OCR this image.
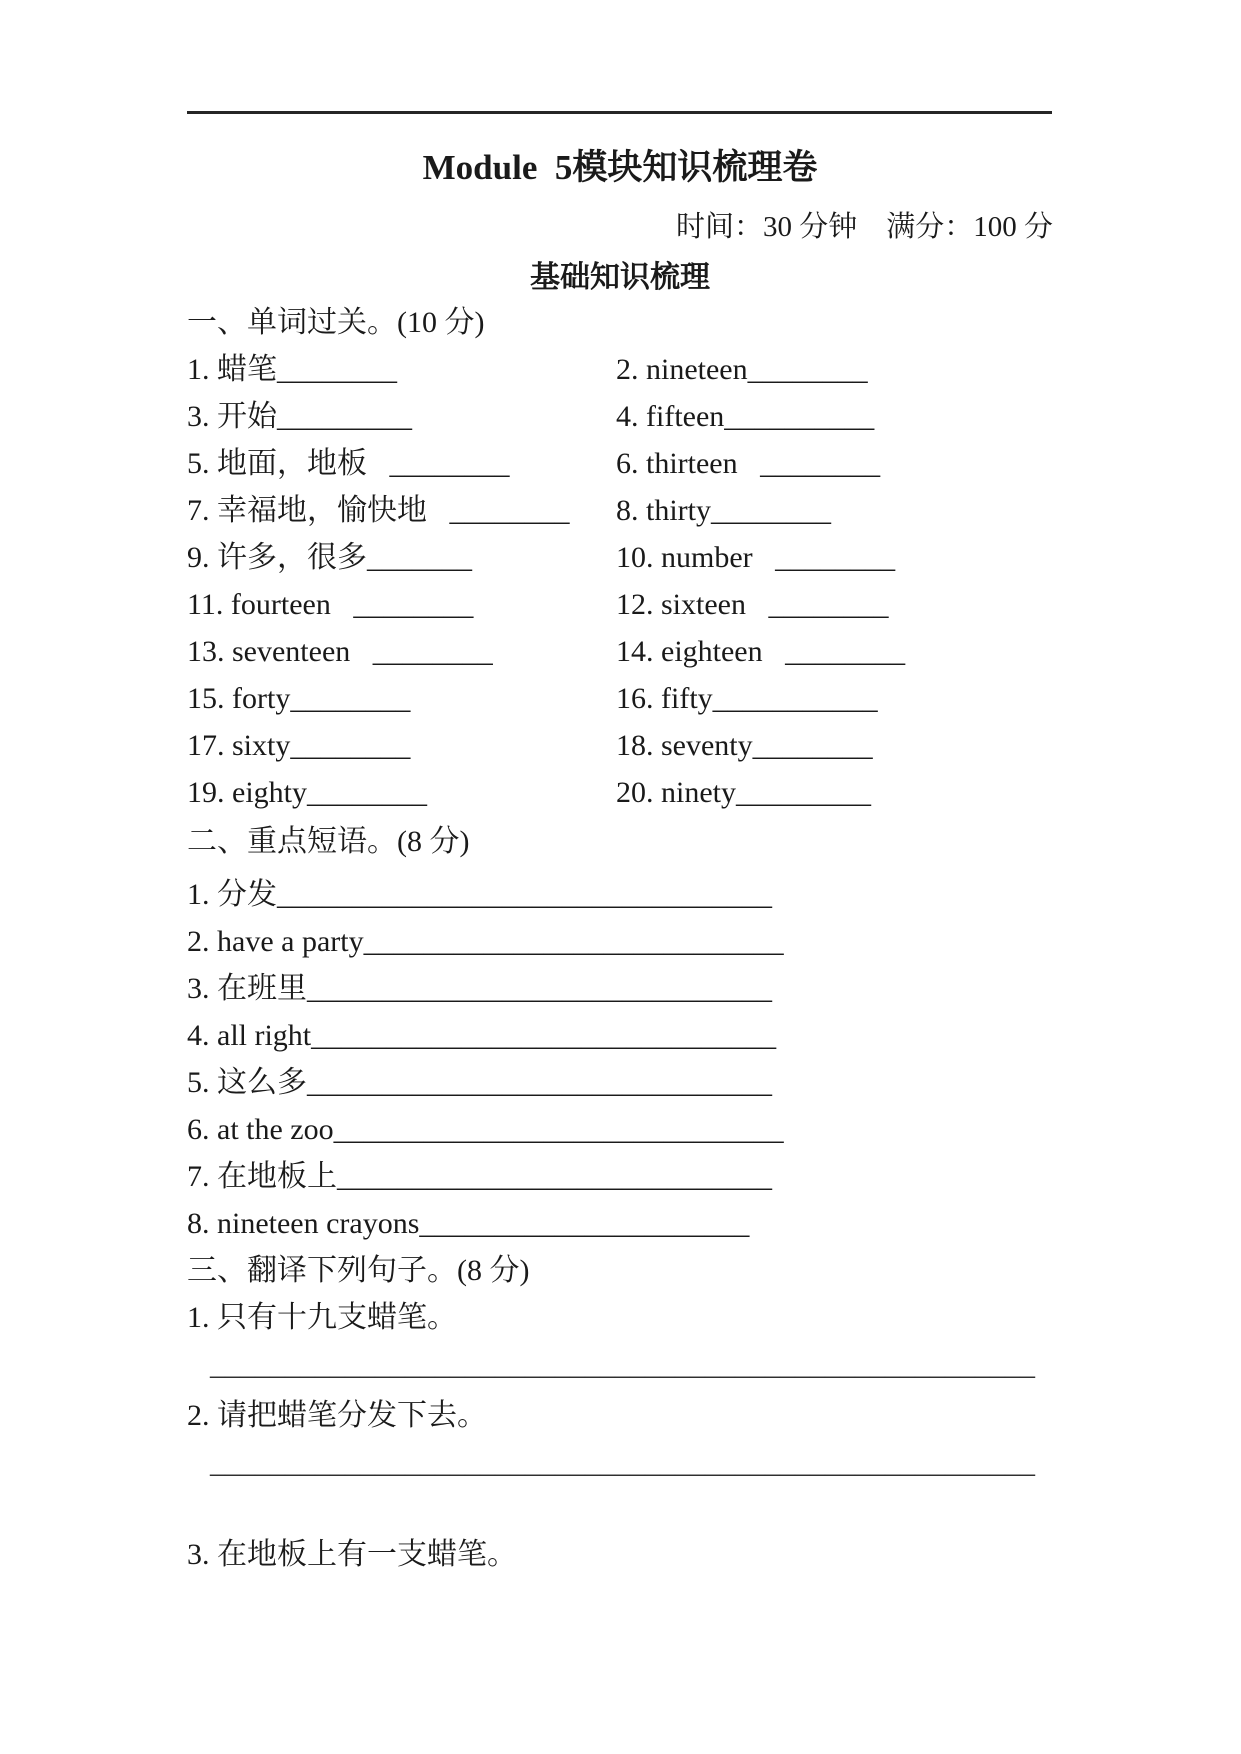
Module  5模块知识梳理卷
时间：30 分钟　满分：100 分
基础知识梳理
一、单词过关。(10 分)
1. 蜡笔________	2. nineteen________
3. 开始_________	4. fifteen__________
5. 地面，地板   ________	6. thirteen   ________
7. 幸福地，愉快地   ________	8. thirty________
9. 许多，很多_______	10. number   ________
11. fourteen   ________	12. sixteen   ________
13. seventeen   ________	14. eighteen   ________
15. forty________	16. fifty___________
17. sixty________	18. seventy________
19. eighty________	20. ninety_________
二、重点短语。(8 分)
1. 分发_________________________________
2. have a party____________________________
3. 在班里_______________________________
4. all right_______________________________
5. 这么多_______________________________
6. at the zoo______________________________
7. 在地板上_____________________________
8. nineteen crayons______________________
三、翻译下列句子。(8 分)
1. 只有十九支蜡笔。
_______________________________________________________
2. 请把蜡笔分发下去。
_______________________________________________________
3. 在地板上有一支蜡笔。
